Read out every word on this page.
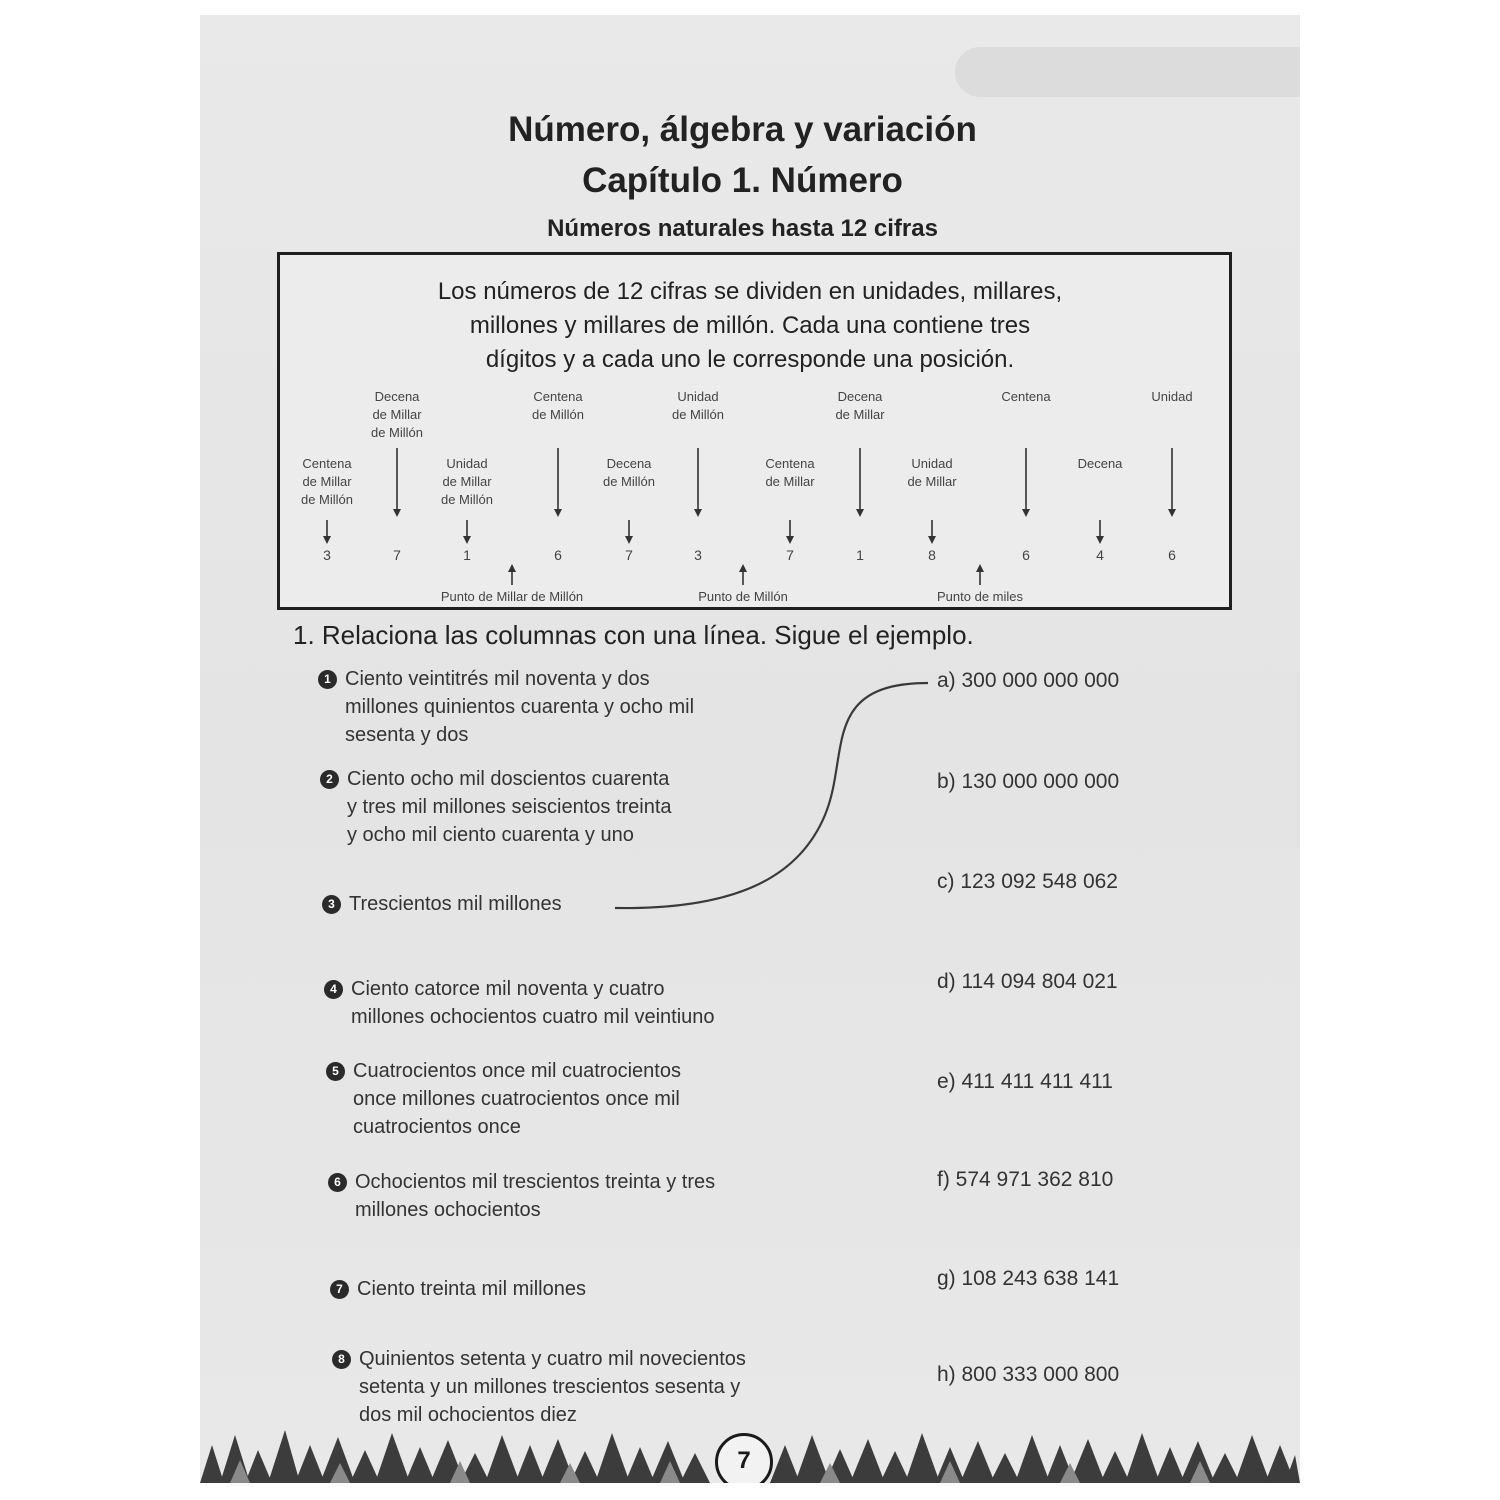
Número, álgebra y variación
Capítulo 1. Número
Números naturales hasta 12 cifras

Los números de 12 cifras se dividen en unidades, millares,
millones y millares de millón. Cada una contiene tres
dígitos y a cada uno le corresponde una posición.

Decena
de Millar
de Millón
Centena
de Millón
Unidad
de Millón
Decena
de Millar
Centena	Unidad
Centena
de Millar
de Millón
Unidad
de Millar
de Millón
Decena
de Millón
Centena
de Millar
Unidad
de Millar
Decena
3	7	1	6	7	3	7	1	8	6	4	6
Punto de Millar de Millón	Punto de Millón	Punto de miles
1. Relaciona las columnas con una línea. Sigue el ejemplo.
1 Ciento veintitrés mil noventa y dos
millones quinientos cuarenta y ocho mil
sesenta y dos
2 Ciento ocho mil doscientos cuarenta
y tres mil millones seiscientos treinta
y ocho mil ciento cuarenta y uno
3 Trescientos mil millones
4 Ciento catorce mil noventa y cuatro
millones ochocientos cuatro mil veintiuno
5 Cuatrocientos once mil cuatrocientos
once millones cuatrocientos once mil
cuatrocientos once
6 Ochocientos mil trescientos treinta y tres
millones ochocientos
7 Ciento treinta mil millones
8 Quinientos setenta y cuatro mil novecientos
setenta y un millones trescientos sesenta y
dos mil ochocientos diez
a) 300 000 000 000
b) 130 000 000 000
c) 123 092 548 062
d) 114 094 804 021
e) 411 411 411 411
f) 574 971 362 810
g) 108 243 638 141
h) 800 333 000 800
7
